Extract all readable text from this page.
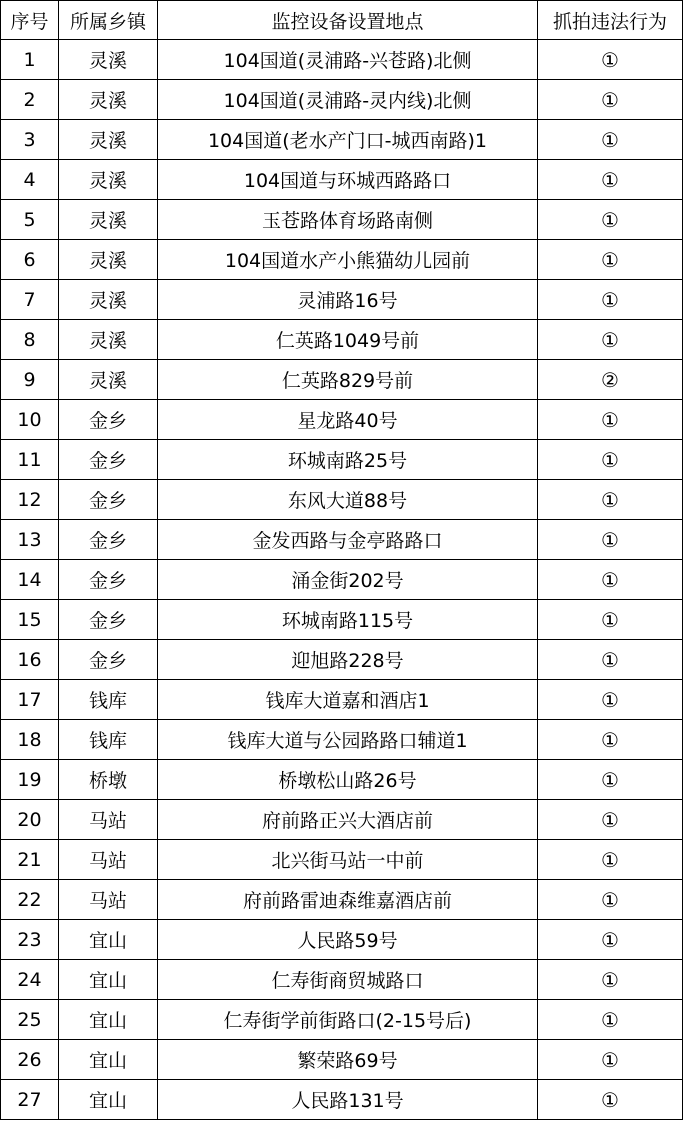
序号	所属乡镇	监控设备设置地点	抓拍违法行为
1	灵溪	104国道(灵浦路-兴苍路)北侧	①
2	灵溪	104国道(灵浦路-灵内线)北侧	①
3	灵溪	104国道(老水产门口-城西南路)1	①
4	灵溪	104国道与环城西路路口	①
5	灵溪	玉苍路体育场路南侧	①
6	灵溪	104国道水产小熊猫幼儿园前	①
7	灵溪	灵浦路16号	①
8	灵溪	仁英路1049号前	①
9	灵溪	仁英路829号前	②
10	金乡	星龙路40号	①
11	金乡	环城南路25号	①
12	金乡	东风大道88号	①
13	金乡	金发西路与金亭路路口	①
14	金乡	涌金街202号	①
15	金乡	环城南路115号	①
16	金乡	迎旭路228号	①
17	钱库	钱库大道嘉和酒店1	①
18	钱库	钱库大道与公园路路口辅道1	①
19	桥墩	桥墩松山路26号	①
20	马站	府前路正兴大酒店前	①
21	马站	北兴街马站一中前	①
22	马站	府前路雷迪森维嘉酒店前	①
23	宜山	人民路59号	①
24	宜山	仁寿街商贸城路口	①
25	宜山	仁寿街学前街路口(2-15号后)	①
26	宜山	繁荣路69号	①
27	宜山	人民路131号	①
